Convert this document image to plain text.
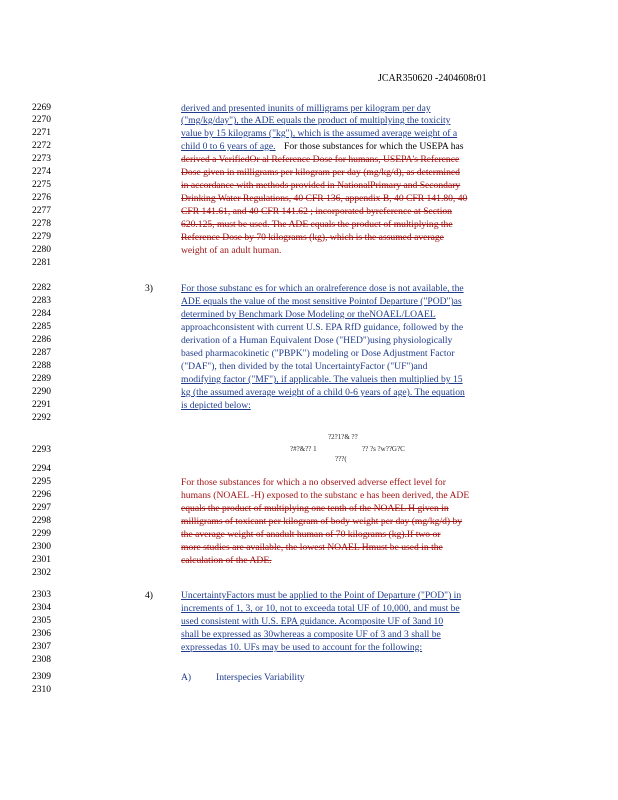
JCAR350620 -2404608r01
2269
2270
2271
2272
2273
2274
2275
2276
2277
2278
2279
2280
2281
2282
2283
2284
2285
2286
2287
2288
2289
2290
2291
2292
2293
2294
2295
2296
2297
2298
2299
2300
2301
2302
2303
2304
2305
2306
2307
2308
2309
2310
derived and presented inunits of milligrams per kilogram per day
("mg/kg/day"), the ADE equals the product of multiplying the toxicity
value by 15 kilograms ("kg"), which is the assumed average weight of a
child 0 to 6 years of age. For those substances for which the USEPA has
derived a VerifiedOr al Reference Dose for humans, USEPA's Reference
Dose given in milligrams per kilogram per day (mg/kg/d), as determined
in accordance with methods provided in NationalPrimary and Secondary
Drinking Water Regulations, 40 CFR 136, appendix B, 40 CFR 141.80, 40
CFR 141.61, and 40 CFR 141.62 ; incorporated byreference at Section
620.125, must be used. The ADE equals the product of multiplying the
Reference Dose by 70 kilograms (kg), which is the assumed average
weight of an adult human.
3)	For those substanc es for which an oralreference dose is not available, the
ADE equals the value of the most sensitive Pointof Departure ("POD")as
determined by Benchmark Dose Modeling or theNOAEL/LOAEL
approachconsistent with current U.S. EPA RfD guidance, followed by the
derivation of a Human Equivalent Dose ("HED")using physiologically
based pharmacokinetic ("PBPK") modeling or Dose Adjustment Factor
("DAF"), then divided by the total UncertaintyFactor ("UF")and
modifying factor ("MF"), if applicable. The valueis then multiplied by 15
kg (the assumed average weight of a child 0-6 years of age). The equation
is depicted below:
?2?1?& ??
?#?&?? 1	?? ?s ?w??G?C
???(
For those substances for which a no observed adverse effect level for
humans (NOAEL -H) exposed to the substanc e has been derived, the ADE
equals the product of multiplying one tenth of the NOAEL H given in
milligrams of toxicant per kilogram of body weight per day (mg/kg/d) by
the average weight of anadult human of 70 kilograms (kg).If two or
more studies are available, the lowest NOAEL Hmust be used in the
calculation of the ADE.
4)	UncertaintyFactors must be applied to the Point of Departure ("POD") in
increments of 1, 3, or 10, not to exceeda total UF of 10,000, and must be
used consistent with U.S. EPA guidance. Acomposite UF of 3and 10
shall be expressed as 30whereas a composite UF of 3 and 3 shall be
expressedas 10. UFs may be used to account for the following:
A)	Interspecies Variability
